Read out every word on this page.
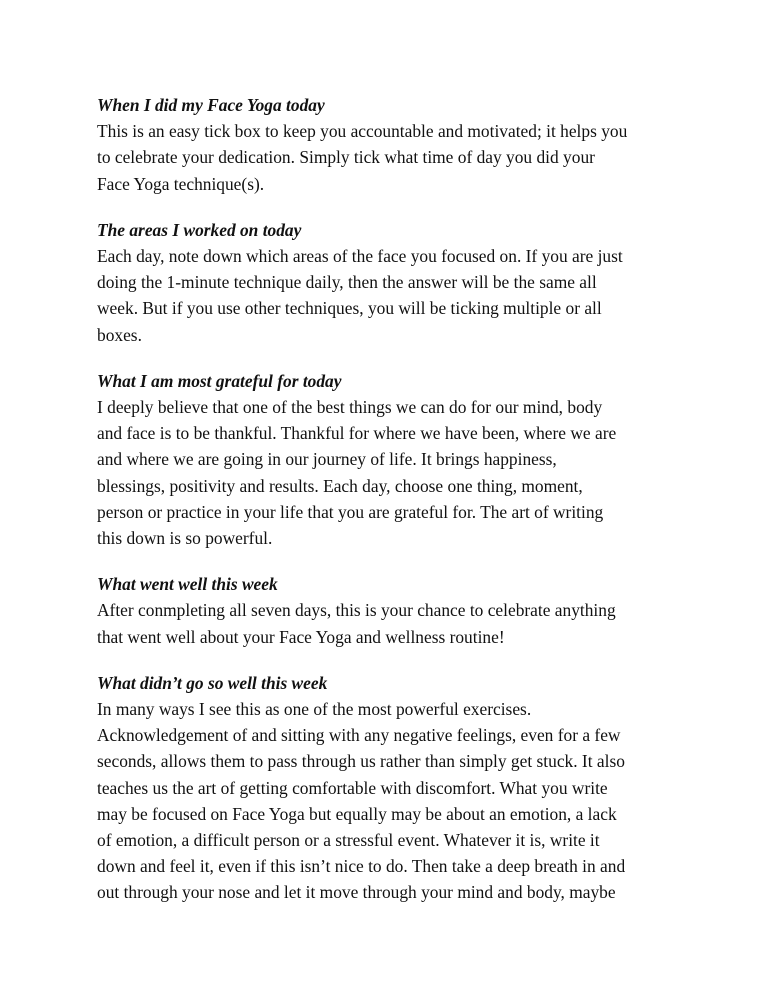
When I did my Face Yoga today

This is an easy tick box to keep you accountable and motivated; it helps you

to celebrate your dedication. Simply tick what time of day you did your

Face Yoga technique(s).

The areas I worked on today

Each day, note down which areas of the face you focused on. If you are just

doing the 1-minute technique daily, then the answer will be the same all

week. But if you use other techniques, you will be ticking multiple or all

boxes.

What I am most grateful for today

I deeply believe that one of the best things we can do for our mind, body

and face is to be thankful. Thankful for where we have been, where we are

and where we are going in our journey of life. It brings happiness,

blessings, positivity and results. Each day, choose one thing, moment,

person or practice in your life that you are grateful for. The art of writing

this down is so powerful.

What went well this week

After conmpleting all seven days, this is your chance to celebrate anything

that went well about your Face Yoga and wellness routine!

What didn’t go so well this week

In many ways I see this as one of the most powerful exercises.

Acknowledgement of and sitting with any negative feelings, even for a few

seconds, allows them to pass through us rather than simply get stuck. It also

teaches us the art of getting comfortable with discomfort. What you write

may be focused on Face Yoga but equally may be about an emotion, a lack

of emotion, a difficult person or a stressful event. Whatever it is, write it

down and feel it, even if this isn’t nice to do. Then take a deep breath in and

out through your nose and let it move through your mind and body, maybe
